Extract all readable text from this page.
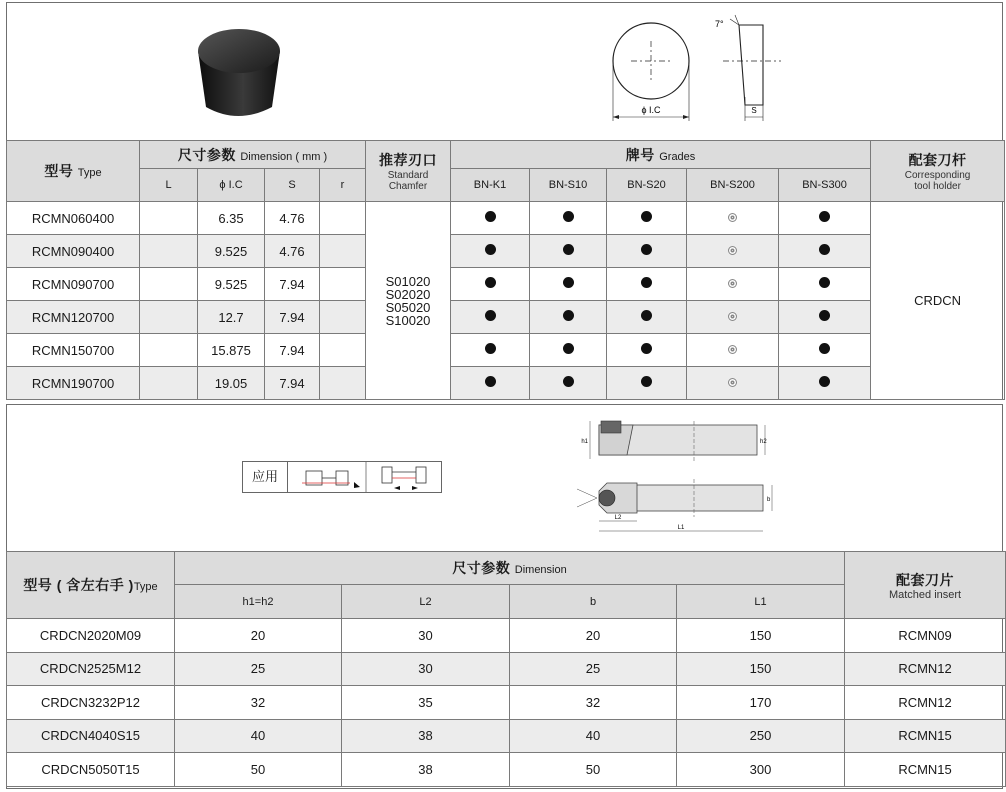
ϕ I.C	S
7°
型号 Type	尺寸参数 Dimension ( mm )				推荐刃口
Standard
Chamfer	牌号 Grades					配套刀杆
Corresponding
tool holder

	L	ϕ I.C	S	r		BN-K1	BN-S10	BN-S20	BN-S200	BN-S300	
RCMN060400		6.35	4.76		S01020
S02020
S05020
S10020						CRDCN
RCMN090400		9.525	4.76								
RCMN090700		9.525	7.94								
RCMN120700		12.7	7.94								
RCMN150700		15.875	7.94								
RCMN190700		19.05	7.94								
应用
h1	h2
b
L2
L1
型号 ( 含左右手 )Type	尺寸参数 Dimension				配套刀片
Matched insert

	h1=h2	L2	b	L1	
CRDCN2020M09	20	30	20	150	RCMN09
CRDCN2525M12	25	30	25	150	RCMN12
CRDCN3232P12	32	35	32	170	RCMN12
CRDCN4040S15	40	38	40	250	RCMN15
CRDCN5050T15	50	38	50	300	RCMN15
